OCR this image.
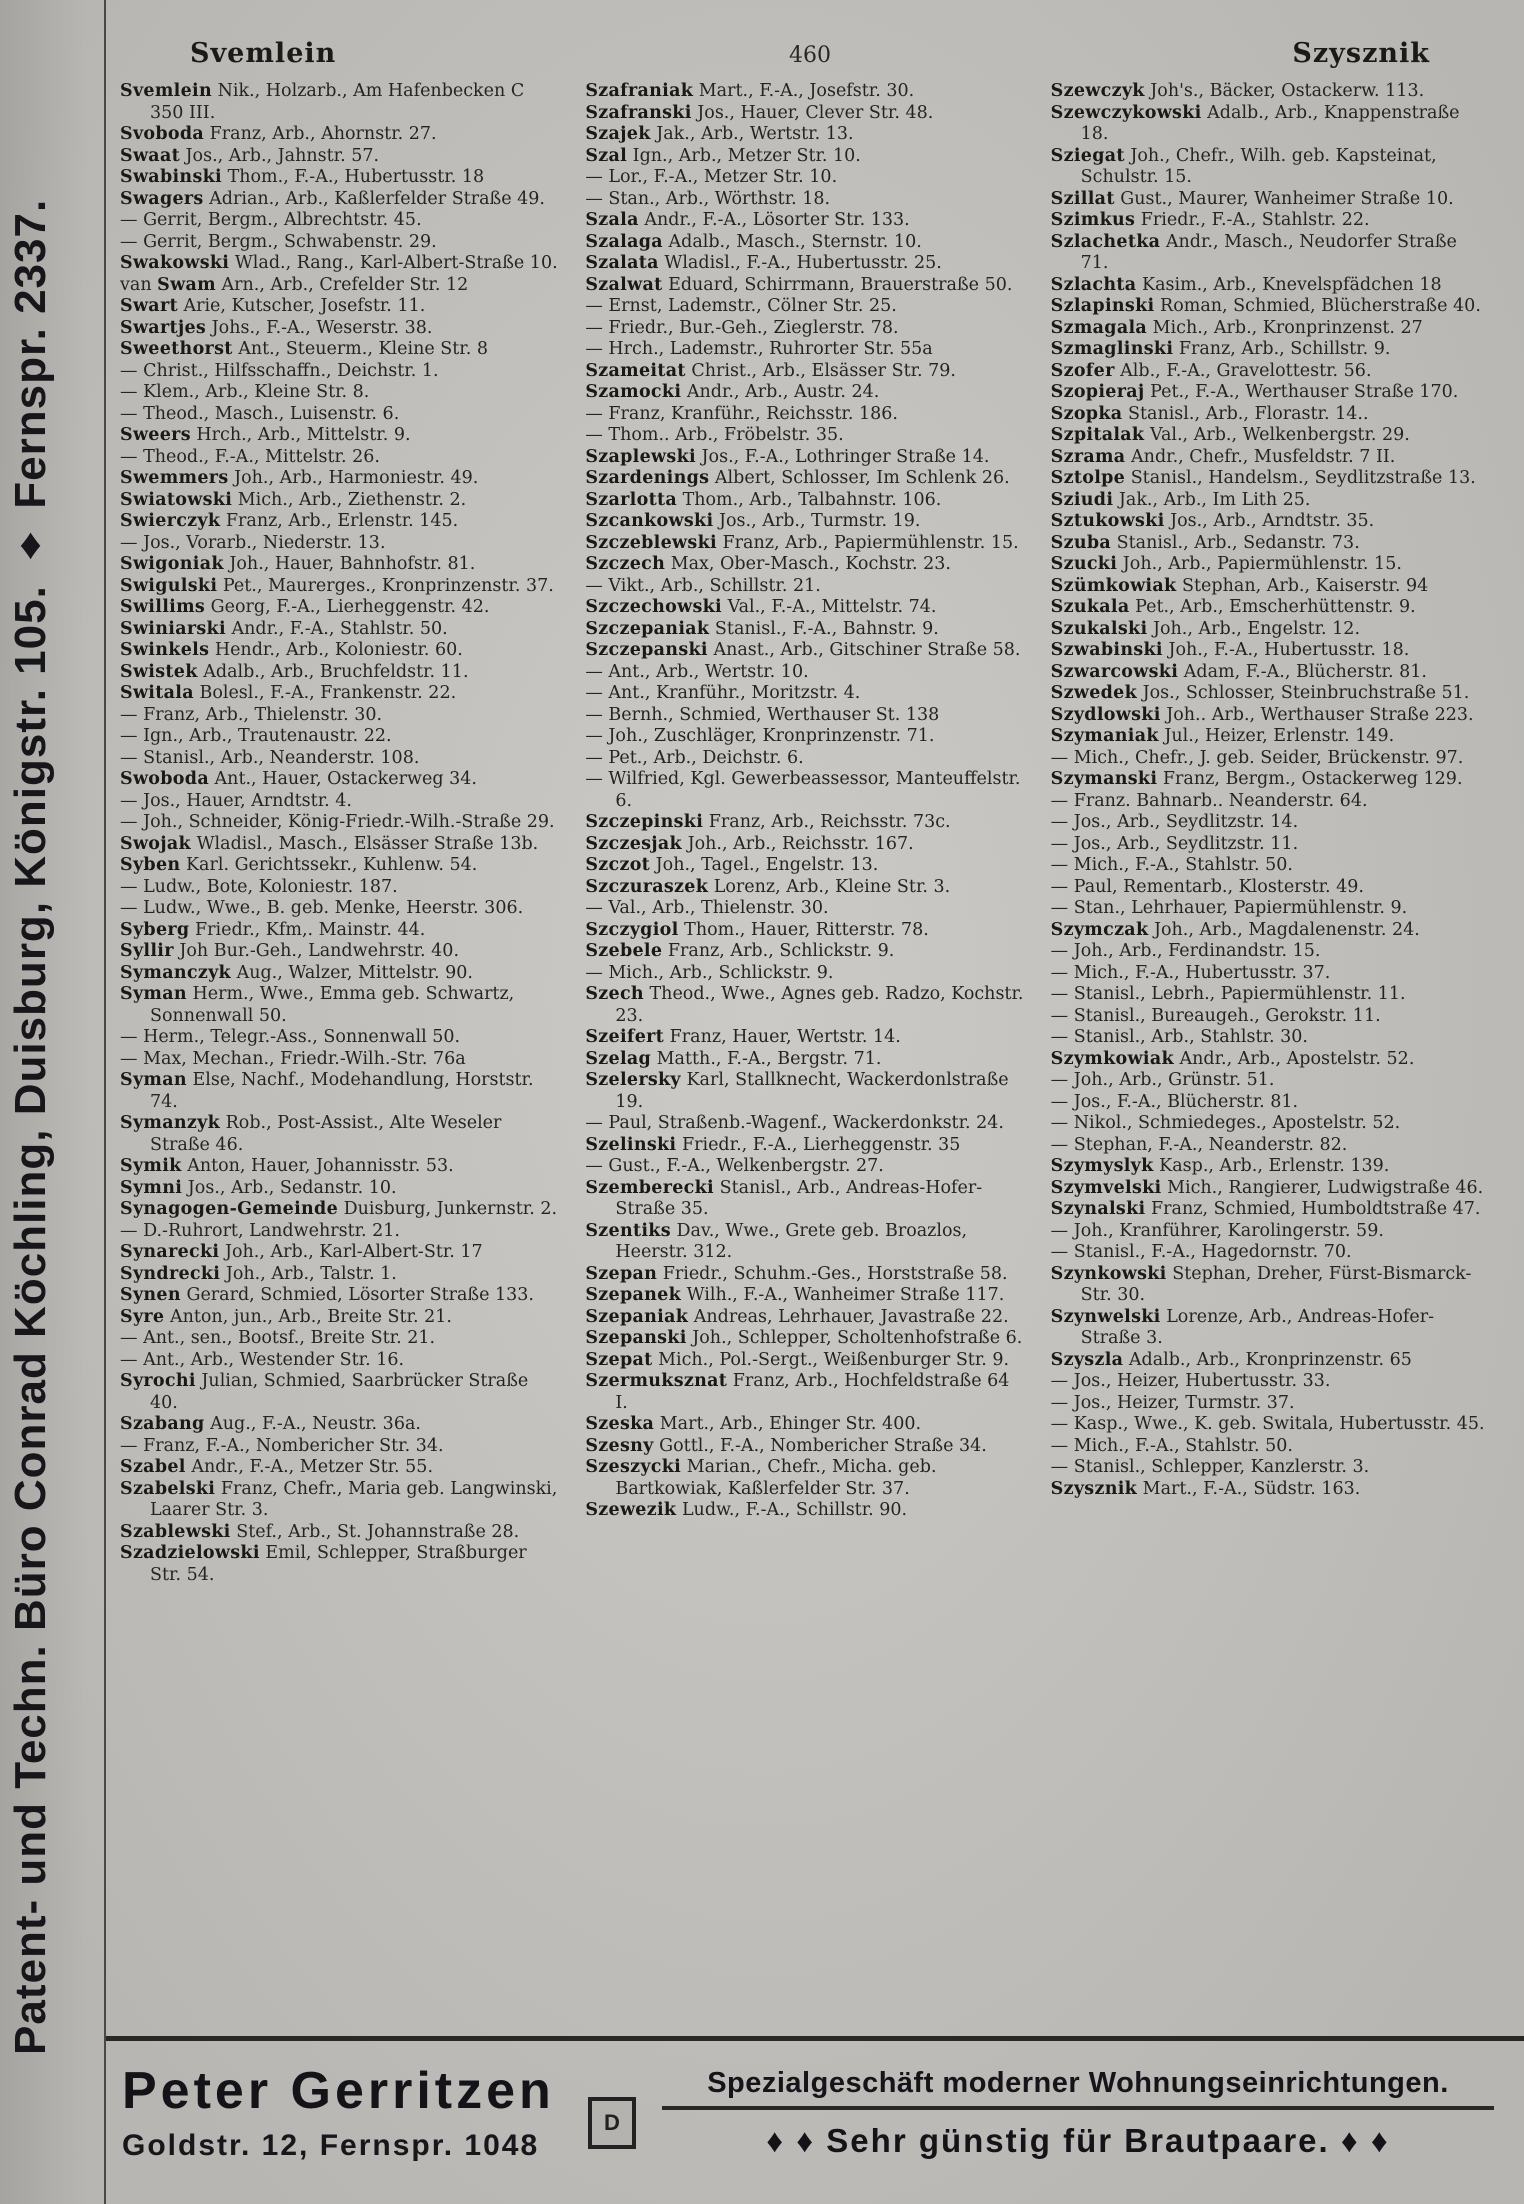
Patent- und Techn. Büro Conrad Köchling, Duisburg, Königstr. 105. ♦ Fernspr. 2337.
Svemlein	460	Szysznik
Svemlein Nik., Holzarb., Am Hafenbecken C 350 III.
Svoboda Franz, Arb., Ahornstr. 27.
Swaat Jos., Arb., Jahnstr. 57.
Swabinski Thom., F.-A., Hubertusstr. 18
Swagers Adrian., Arb., Kaßlerfelder Straße 49.
— Gerrit, Bergm., Albrechtstr. 45.
— Gerrit, Bergm., Schwabenstr. 29.
Swakowski Wlad., Rang., Karl-Albert-Straße 10.
van Swam Arn., Arb., Crefelder Str. 12
Swart Arie, Kutscher, Josefstr. 11.
Swartjes Johs., F.-A., Weserstr. 38.
Sweethorst Ant., Steuerm., Kleine Str. 8
— Christ., Hilfsschaffn., Deichstr. 1.
— Klem., Arb., Kleine Str. 8.
— Theod., Masch., Luisenstr. 6.
Sweers Hrch., Arb., Mittelstr. 9.
— Theod., F.-A., Mittelstr. 26.
Swemmers Joh., Arb., Harmoniestr. 49.
Swiatowski Mich., Arb., Ziethenstr. 2.
Swierczyk Franz, Arb., Erlenstr. 145.
— Jos., Vorarb., Niederstr. 13.
Swigoniak Joh., Hauer, Bahnhofstr. 81.
Swigulski Pet., Maurerges., Kronprinzenstr. 37.
Swillims Georg, F.-A., Lierheggenstr. 42.
Swiniarski Andr., F.-A., Stahlstr. 50.
Swinkels Hendr., Arb., Koloniestr. 60.
Swistek Adalb., Arb., Bruchfeldstr. 11.
Switala Bolesl., F.-A., Frankenstr. 22.
— Franz, Arb., Thielenstr. 30.
— Ign., Arb., Trautenaustr. 22.
— Stanisl., Arb., Neanderstr. 108.
Swoboda Ant., Hauer, Ostackerweg 34.
— Jos., Hauer, Arndtstr. 4.
— Joh., Schneider, König-Friedr.-Wilh.-Straße 29.
Swojak Wladisl., Masch., Elsässer Straße 13b.
Syben Karl. Gerichtssekr., Kuhlenw. 54.
— Ludw., Bote, Koloniestr. 187.
— Ludw., Wwe., B. geb. Menke, Heerstr. 306.
Syberg Friedr., Kfm,. Mainstr. 44.
Syllir Joh Bur.-Geh., Landwehrstr. 40.
Symanczyk Aug., Walzer, Mittelstr. 90.
Syman Herm., Wwe., Emma geb. Schwartz, Sonnenwall 50.
— Herm., Telegr.-Ass., Sonnenwall 50.
— Max, Mechan., Friedr.-Wilh.-Str. 76a
Syman Else, Nachf., Modehandlung, Horststr. 74.
Symanzyk Rob., Post-Assist., Alte Weseler Straße 46.
Symik Anton, Hauer, Johannisstr. 53.
Symni Jos., Arb., Sedanstr. 10.
Synagogen-Gemeinde Duisburg, Junkernstr. 2.
— D.-Ruhrort, Landwehrstr. 21.
Synarecki Joh., Arb., Karl-Albert-Str. 17
Syndrecki Joh., Arb., Talstr. 1.
Synen Gerard, Schmied, Lösorter Straße 133.
Syre Anton, jun., Arb., Breite Str. 21.
— Ant., sen., Bootsf., Breite Str. 21.
— Ant., Arb., Westender Str. 16.
Syrochi Julian, Schmied, Saarbrücker Straße 40.
Szabang Aug., F.-A., Neustr. 36a.
— Franz, F.-A., Nombericher Str. 34.
Szabel Andr., F.-A., Metzer Str. 55.
Szabelski Franz, Chefr., Maria geb. Langwinski, Laarer Str. 3.
Szablewski Stef., Arb., St. Johannstraße 28.
Szadzielowski Emil, Schlepper, Straßburger Str. 54.
Szafraniak Mart., F.-A., Josefstr. 30.
Szafranski Jos., Hauer, Clever Str. 48.
Szajek Jak., Arb., Wertstr. 13.
Szal Ign., Arb., Metzer Str. 10.
— Lor., F.-A., Metzer Str. 10.
— Stan., Arb., Wörthstr. 18.
Szala Andr., F.-A., Lösorter Str. 133.
Szalaga Adalb., Masch., Sternstr. 10.
Szalata Wladisl., F.-A., Hubertusstr. 25.
Szalwat Eduard, Schirrmann, Brauerstraße 50.
— Ernst, Lademstr., Cölner Str. 25.
— Friedr., Bur.-Geh., Zieglerstr. 78.
— Hrch., Lademstr., Ruhrorter Str. 55a
Szameitat Christ., Arb., Elsässer Str. 79.
Szamocki Andr., Arb., Austr. 24.
— Franz, Kranführ., Reichsstr. 186.
— Thom.. Arb., Fröbelstr. 35.
Szaplewski Jos., F.-A., Lothringer Straße 14.
Szardenings Albert, Schlosser, Im Schlenk 26.
Szarlotta Thom., Arb., Talbahnstr. 106.
Szcankowski Jos., Arb., Turmstr. 19.
Szczeblewski Franz, Arb., Papiermühlenstr. 15.
Szczech Max, Ober-Masch., Kochstr. 23.
— Vikt., Arb., Schillstr. 21.
Szczechowski Val., F.-A., Mittelstr. 74.
Szczepaniak Stanisl., F.-A., Bahnstr. 9.
Szczepanski Anast., Arb., Gitschiner Straße 58.
— Ant., Arb., Wertstr. 10.
— Ant., Kranführ., Moritzstr. 4.
— Bernh., Schmied, Werthauser St. 138
— Joh., Zuschläger, Kronprinzenstr. 71.
— Pet., Arb., Deichstr. 6.
— Wilfried, Kgl. Gewerbeassessor, Manteuffelstr. 6.
Szczepinski Franz, Arb., Reichsstr. 73c.
Szczesjak Joh., Arb., Reichsstr. 167.
Szczot Joh., Tagel., Engelstr. 13.
Szczuraszek Lorenz, Arb., Kleine Str. 3.
— Val., Arb., Thielenstr. 30.
Szczygiol Thom., Hauer, Ritterstr. 78.
Szebele Franz, Arb., Schlickstr. 9.
— Mich., Arb., Schlickstr. 9.
Szech Theod., Wwe., Agnes geb. Radzo, Kochstr. 23.
Szeifert Franz, Hauer, Wertstr. 14.
Szelag Matth., F.-A., Bergstr. 71.
Szelersky Karl, Stallknecht, Wackerdonlstraße 19.
— Paul, Straßenb.-Wagenf., Wackerdonkstr. 24.
Szelinski Friedr., F.-A., Lierheggenstr. 35
— Gust., F.-A., Welkenbergstr. 27.
Szemberecki Stanisl., Arb., Andreas-Hofer-Straße 35.
Szentiks Dav., Wwe., Grete geb. Broazlos, Heerstr. 312.
Szepan Friedr., Schuhm.-Ges., Horststraße 58.
Szepanek Wilh., F.-A., Wanheimer Straße 117.
Szepaniak Andreas, Lehrhauer, Javastraße 22.
Szepanski Joh., Schlepper, Scholtenhofstraße 6.
Szepat Mich., Pol.-Sergt., Weißenburger Str. 9.
Szermuksznat Franz, Arb., Hochfeldstraße 64 I.
Szeska Mart., Arb., Ehinger Str. 400.
Szesny Gottl., F.-A., Nombericher Straße 34.
Szeszycki Marian., Chefr., Micha. geb. Bartkowiak, Kaßlerfelder Str. 37.
Szewezik Ludw., F.-A., Schillstr. 90.
Szewczyk Joh's., Bäcker, Ostackerw. 113.
Szewczykowski Adalb., Arb., Knappenstraße 18.
Sziegat Joh., Chefr., Wilh. geb. Kapsteinat, Schulstr. 15.
Szillat Gust., Maurer, Wanheimer Straße 10.
Szimkus Friedr., F.-A., Stahlstr. 22.
Szlachetka Andr., Masch., Neudorfer Straße 71.
Szlachta Kasim., Arb., Knevelspfädchen 18
Szlapinski Roman, Schmied, Blücherstraße 40.
Szmagala Mich., Arb., Kronprinzenst. 27
Szmaglinski Franz, Arb., Schillstr. 9.
Szofer Alb., F.-A., Gravelottestr. 56.
Szopieraj Pet., F.-A., Werthauser Straße 170.
Szopka Stanisl., Arb., Florastr. 14..
Szpitalak Val., Arb., Welkenbergstr. 29.
Szrama Andr., Chefr., Musfeldstr. 7 II.
Sztolpe Stanisl., Handelsm., Seydlitzstraße 13.
Sziudi Jak., Arb., Im Lith 25.
Sztukowski Jos., Arb., Arndtstr. 35.
Szuba Stanisl., Arb., Sedanstr. 73.
Szucki Joh., Arb., Papiermühlenstr. 15.
Szümkowiak Stephan, Arb., Kaiserstr. 94
Szukala Pet., Arb., Emscherhüttenstr. 9.
Szukalski Joh., Arb., Engelstr. 12.
Szwabinski Joh., F.-A., Hubertusstr. 18.
Szwarcowski Adam, F.-A., Blücherstr. 81.
Szwedek Jos., Schlosser, Steinbruchstraße 51.
Szydlowski Joh.. Arb., Werthauser Straße 223.
Szymaniak Jul., Heizer, Erlenstr. 149.
— Mich., Chefr., J. geb. Seider, Brückenstr. 97.
Szymanski Franz, Bergm., Ostackerweg 129.
— Franz. Bahnarb.. Neanderstr. 64.
— Jos., Arb., Seydlitzstr. 14.
— Jos., Arb., Seydlitzstr. 11.
— Mich., F.-A., Stahlstr. 50.
— Paul, Rementarb., Klosterstr. 49.
— Stan., Lehrhauer, Papiermühlenstr. 9.
Szymczak Joh., Arb., Magdalenenstr. 24.
— Joh., Arb., Ferdinandstr. 15.
— Mich., F.-A., Hubertusstr. 37.
— Stanisl., Lebrh., Papiermühlenstr. 11.
— Stanisl., Bureaugeh., Gerokstr. 11.
— Stanisl., Arb., Stahlstr. 30.
Szymkowiak Andr., Arb., Apostelstr. 52.
— Joh., Arb., Grünstr. 51.
— Jos., F.-A., Blücherstr. 81.
— Nikol., Schmiedeges., Apostelstr. 52.
— Stephan, F.-A., Neanderstr. 82.
Szymyslyk Kasp., Arb., Erlenstr. 139.
Szymvelski Mich., Rangierer, Ludwigstraße 46.
Szynalski Franz, Schmied, Humboldtstraße 47.
— Joh., Kranführer, Karolingerstr. 59.
— Stanisl., F.-A., Hagedornstr. 70.
Szynkowski Stephan, Dreher, Fürst-Bismarck-Str. 30.
Szynwelski Lorenze, Arb., Andreas-Hofer-Straße 3.
Szyszla Adalb., Arb., Kronprinzenstr. 65
— Jos., Heizer, Hubertusstr. 33.
— Jos., Heizer, Turmstr. 37.
— Kasp., Wwe., K. geb. Switala, Hubertusstr. 45.
— Mich., F.-A., Stahlstr. 50.
— Stanisl., Schlepper, Kanzlerstr. 3.
Szysznik Mart., F.-A., Südstr. 163.
Peter Gerritzen
Goldstr. 12, Fernspr. 1048
D
Spezialgeschäft moderner Wohnungseinrichtungen.
♦ ♦ Sehr günstig für Brautpaare. ♦ ♦
